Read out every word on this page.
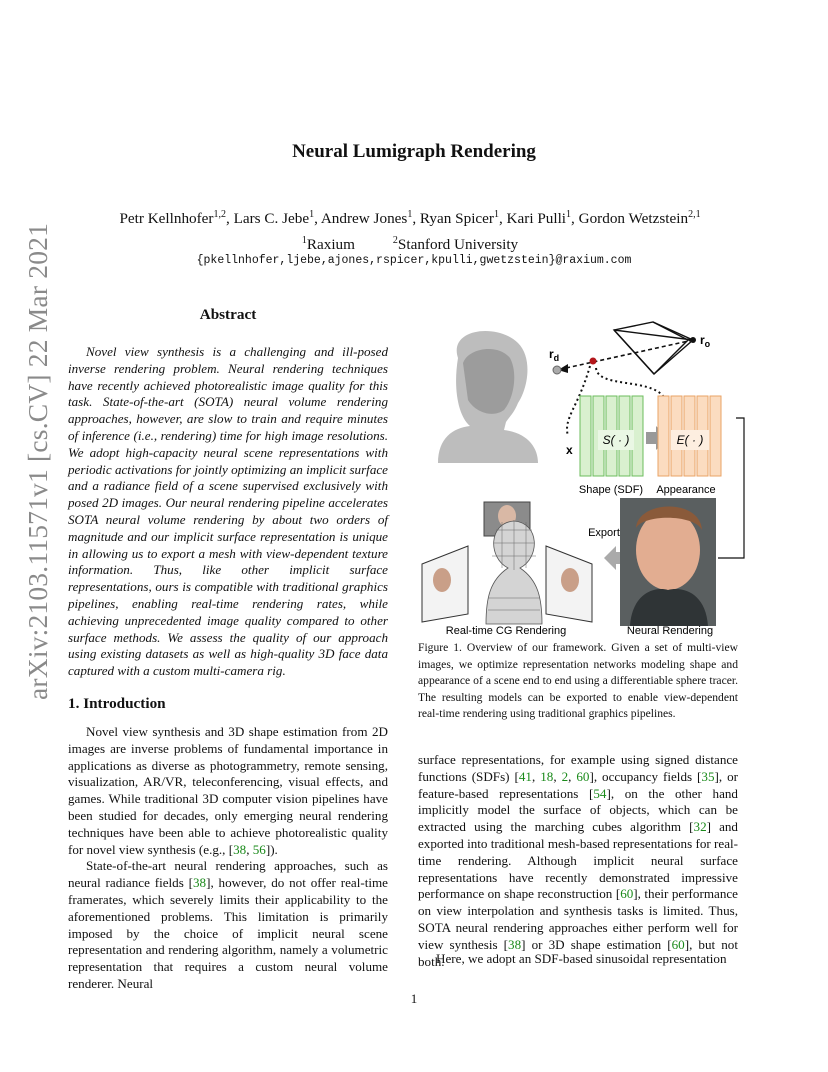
arXiv:2103.11571v1 [cs.CV] 22 Mar 2021
Neural Lumigraph Rendering
Petr Kellnhofer$^{1,2}$, Lars C. Jebe$^1$, Andrew Jones$^1$, Ryan Spicer$^1$, Kari Pulli$^1$, Gordon Wetzstein$^{2,1}$
$^1$Raxium	$^2$Stanford University
{pkellnhofer,ljebe,ajones,rspicer,kpulli,gwetzstein}@raxium.com
Abstract

Novel view synthesis is a challenging and ill-posed inverse rendering problem. Neural rendering techniques have recently achieved photorealistic image quality for this task. State-of-the-art (SOTA) neural volume rendering approaches, however, are slow to train and require minutes of inference (i.e., rendering) time for high image resolutions. We adopt high-capacity neural scene representations with periodic activations for jointly optimizing an implicit surface and a radiance field of a scene supervised exclusively with posed 2D images. Our neural rendering pipeline accelerates SOTA neural volume rendering by about two orders of magnitude and our implicit surface representation is unique in allowing us to export a mesh with view-dependent texture information. Thus, like other implicit surface representations, ours is compatible with traditional graphics pipelines, enabling real-time rendering rates, while achieving unprecedented image quality compared to other surface methods. We assess the quality of our approach using existing datasets as well as high-quality 3D face data captured with a custom multi-camera rig.

1. Introduction

Novel view synthesis and 3D shape estimation from 2D images are inverse problems of fundamental importance in applications as diverse as photogrammetry, remote sensing, visualization, AR/VR, teleconferencing, visual effects, and games. While traditional 3D computer vision pipelines have been studied for decades, only emerging neural rendering techniques have been able to achieve photorealistic quality for novel view synthesis (e.g., [38, 56]).

State-of-the-art neural rendering approaches, such as neural radiance fields [38], however, do not offer real-time framerates, which severely limits their applicability to the aforementioned problems. This limitation is primarily imposed by the choice of implicit neural scene representation and rendering algorithm, namely a volumetric representation that requires a custom neural volume renderer. Neural

$r_o$
$r_d$
x
S( · )
Shape (SDF)
E( · )
Appearance
Export
Real-time CG Rendering	Neural Rendering
Figure 1. Overview of our framework. Given a set of multi-view images, we optimize representation networks modeling shape and appearance of a scene end to end using a differentiable sphere tracer. The resulting models can be exported to enable view-dependent real-time rendering using traditional graphics pipelines.

surface representations, for example using signed distance functions (SDFs) [41, 18, 2, 60], occupancy fields [35], or feature-based representations [54], on the other hand implicitly model the surface of objects, which can be extracted using the marching cubes algorithm [32] and exported into traditional mesh-based representations for real-time rendering. Although implicit neural surface representations have recently demonstrated impressive performance on shape reconstruction [60], their performance on view interpolation and synthesis tasks is limited. Thus, SOTA neural rendering approaches either perform well for view synthesis [38] or 3D shape estimation [60], but not both.

Here, we adopt an SDF-based sinusoidal representation

1
